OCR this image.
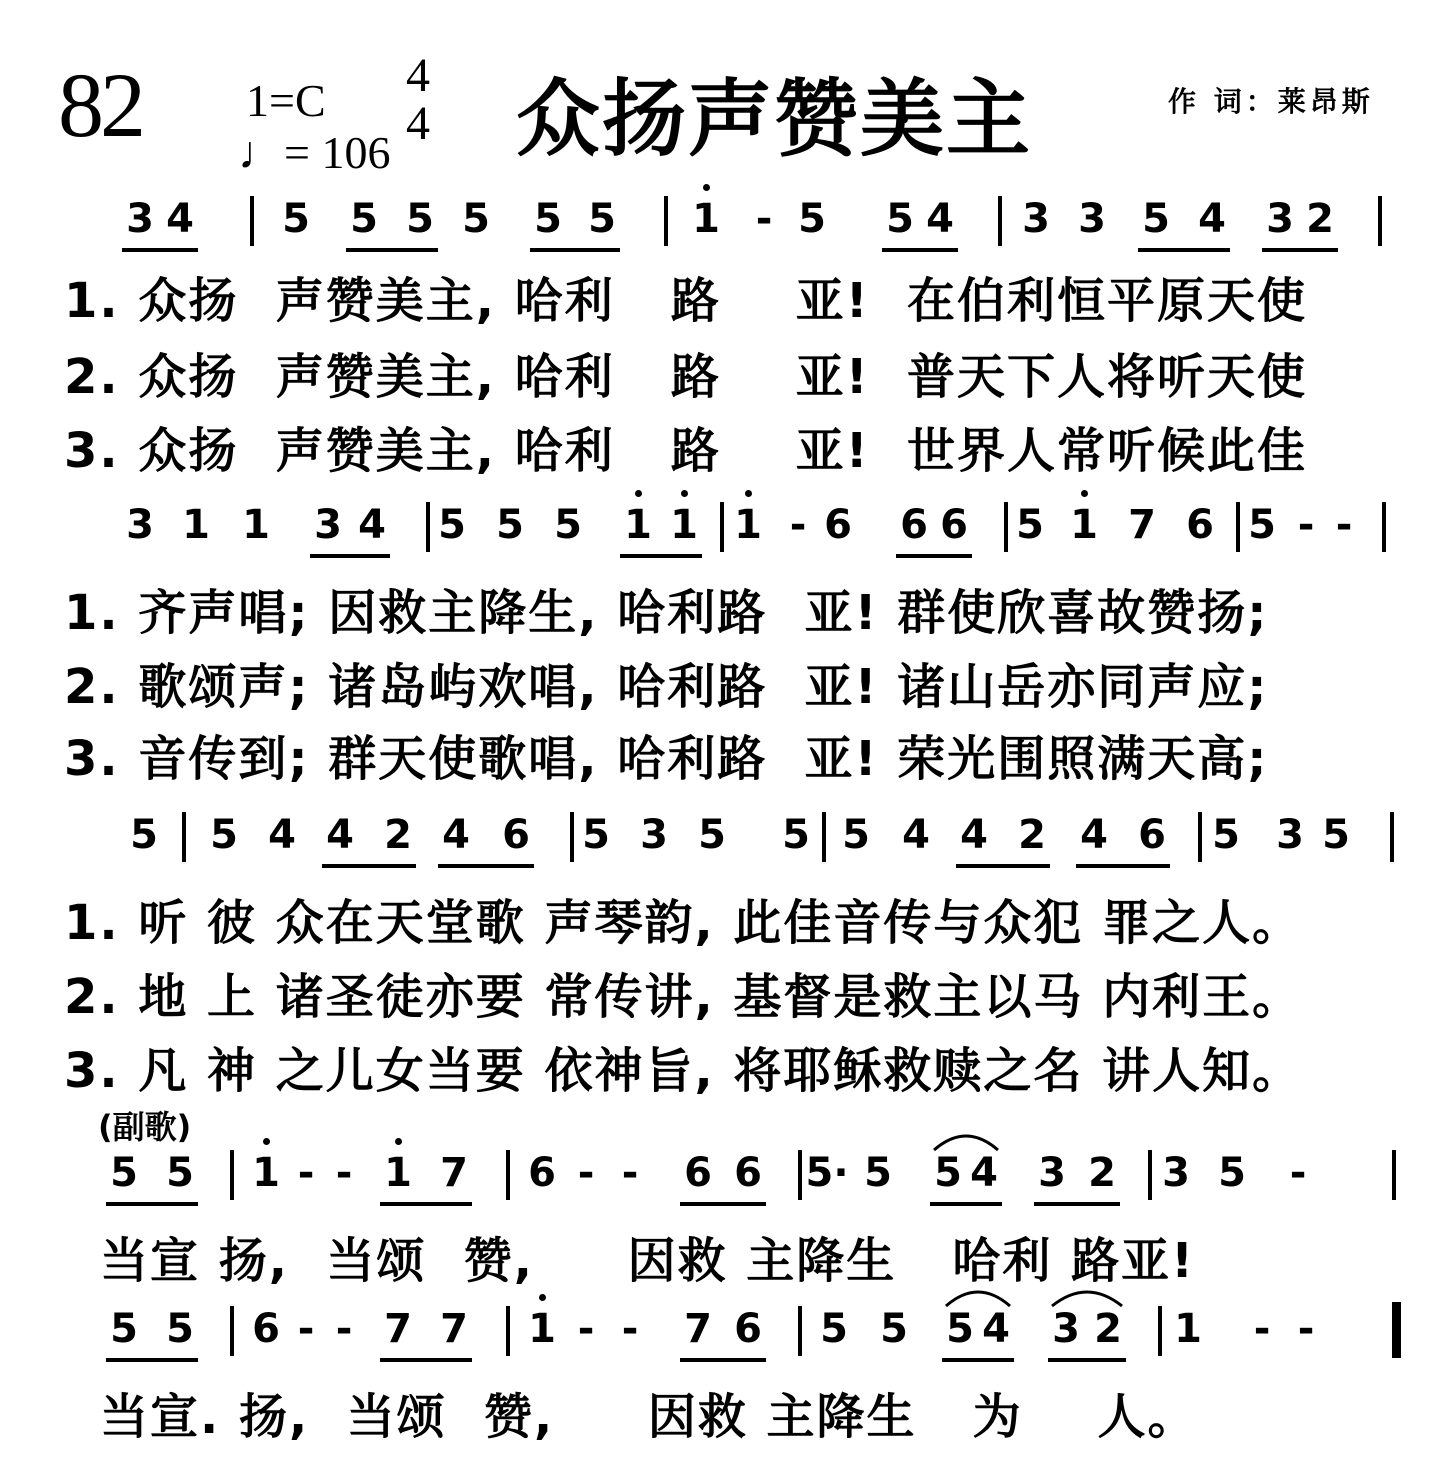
82 1=C 4
4
♩= 106 众扬声赞美主	作 词：莱昂斯
3 4 5 5 5 5 5 5 1 - 5 5 4 3 3 5 4 3 2
1. 众扬  声赞美主, 哈利   路    亚!  在伯利恒平原天使
2. 众扬  声赞美主, 哈利   路    亚!  普天下人将听天使
3. 众扬  声赞美主, 哈利   路    亚!  世界人常听候此佳
3 1 1 3 4 5 5 5 1 1 1 - 6 6 6 5 1 7 6 5 - -
1. 齐声唱; 因救主降生, 哈利路  亚! 群使欣喜故赞扬;
2. 歌颂声; 诸岛屿欢唱, 哈利路  亚! 诸山岳亦同声应;
3. 音传到; 群天使歌唱, 哈利路  亚! 荣光围照满天高;
5 5 4 4 2 4 6 5 3 5 5 5 4 4 2 4 6 5 3 5
1. 听 彼 众在天堂歌 声琴韵, 此佳音传与众犯 罪之人。
2. 地 上 诸圣徒亦要 常传讲, 基督是救主以马 内利王。
3. 凡 神 之儿女当要 依神旨, 将耶稣救赎之名 讲人知。
(副歌)
5 5 1 - - 1 7 6 - -	6 6 5· 5 5 4 3 2 3 5	-
当宣 扬,  当颂  赞,     因救 主降生   哈利 路亚!
5 5 6 - - 7 7 1 - -	7 6 5 5 5 4 3 2 1	- -
当宣. 扬,  当颂  赞,     因救 主降生   为    人。
